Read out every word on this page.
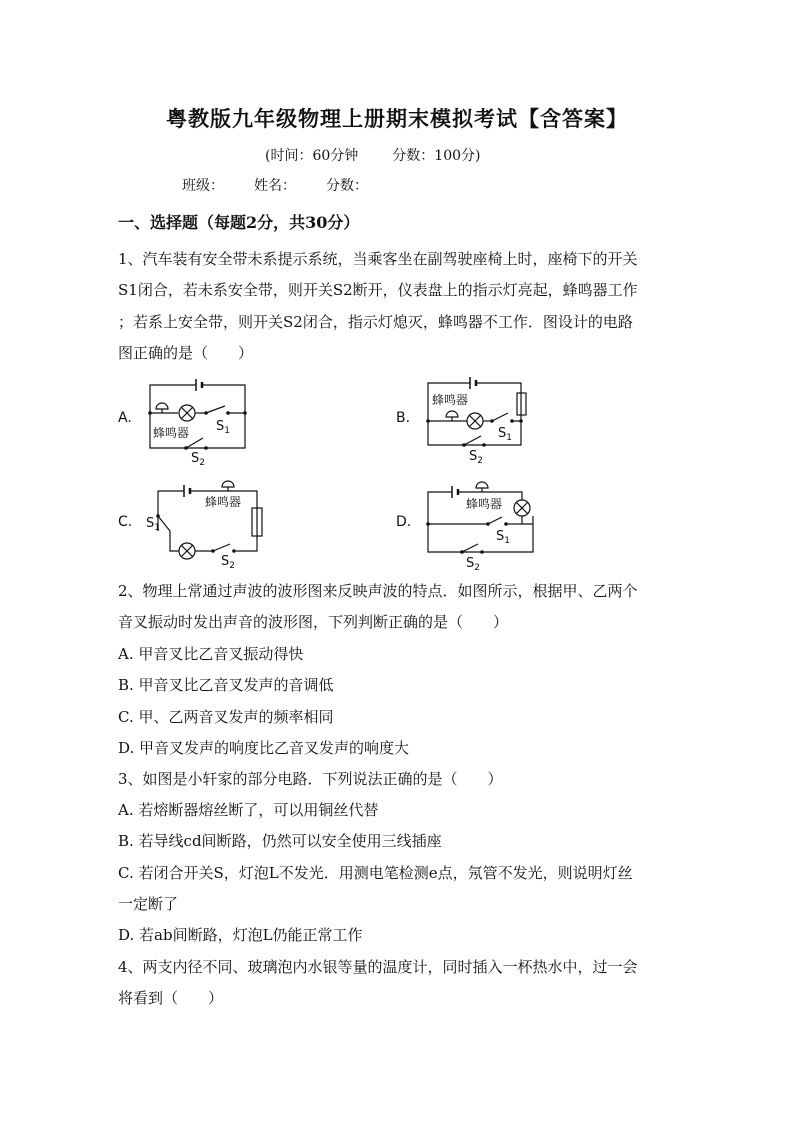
粤教版九年级物理上册期末模拟考试【含答案】
(时间：60分钟 分数：100分)
班级： 姓名： 分数：
一、选择题（每题2分，共30分）
1、汽车装有安全带未系提示系统，当乘客坐在副驾驶座椅上时，座椅下的开关
S1闭合，若未系安全带，则开关S2断开，仪表盘上的指示灯亮起，蜂鸣器工作
；若系上安全带，则开关S2闭合，指示灯熄灭，蜂鸣器不工作．图设计的电路
图正确的是（　　）
A.	B.
C.	D.
蜂鸣器 $S_1$
$S_2$
蜂鸣器
$S_1$
$S_2$
蜂鸣器
$S_1$
$S_2$
蜂鸣器
$S_1$
$S_2$
2、物理上常通过声波的波形图来反映声波的特点．如图所示，根据甲、乙两个
音叉振动时发出声音的波形图，下列判断正确的是（　　）
A. 甲音叉比乙音叉振动得快
B. 甲音叉比乙音叉发声的音调低
C. 甲、乙两音叉发声的频率相同
D. 甲音叉发声的响度比乙音叉发声的响度大
3、如图是小轩家的部分电路．下列说法正确的是（　　）
A. 若熔断器熔丝断了，可以用铜丝代替
B. 若导线cd间断路，仍然可以安全使用三线插座
C. 若闭合开关S，灯泡L不发光．用测电笔检测e点，氖管不发光，则说明灯丝
一定断了
D. 若ab间断路，灯泡L仍能正常工作
4、两支内径不同、玻璃泡内水银等量的温度计，同时插入一杯热水中，过一会
将看到（　　）
